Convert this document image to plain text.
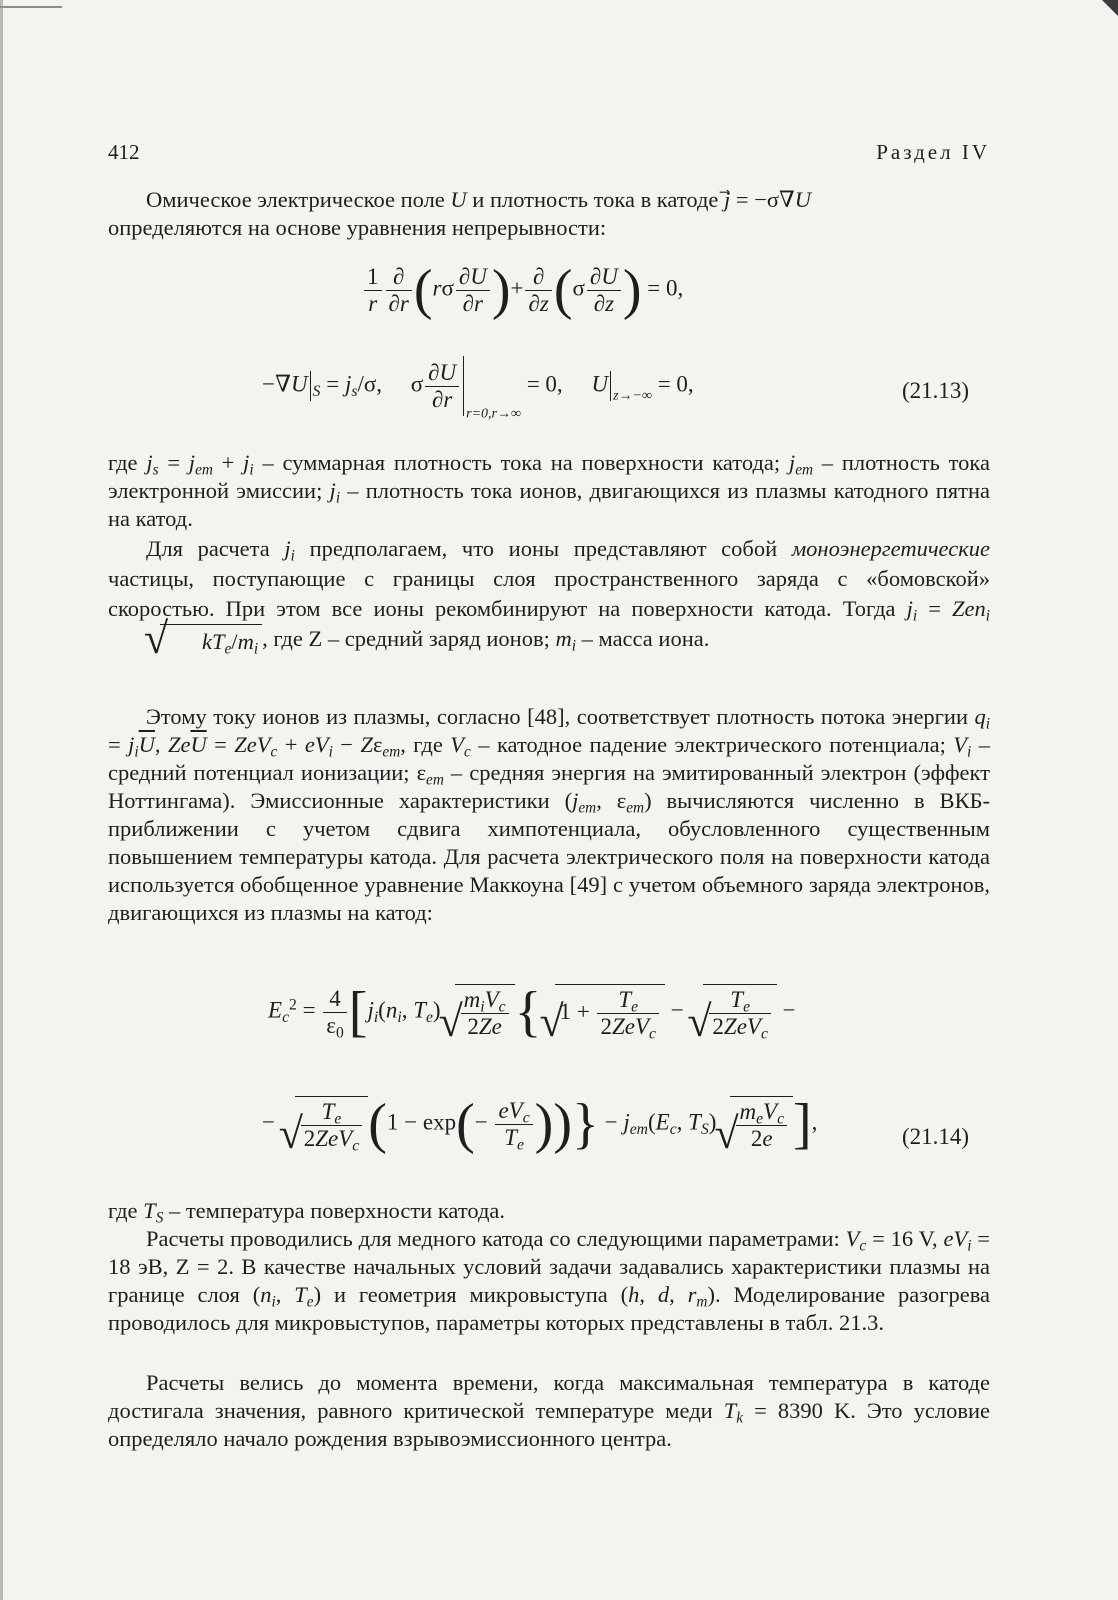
412	Раздел IV

Омическое электрическое поле U и плотность тока в катоде j⃗ = −σ∇U

определяются на основе уравнения непрерывности:

$\frac{1}{r} \frac{\partial}{\partial r} (r\sigma \frac{\partial U}{\partial r}$ )+ $\frac{\partial}{\partial z} (\sigma \frac{\partial U}{\partial z}$ ) = 0,
−∇U $_S = j_s/\sigma$,     σ $\frac{\partial U}{\partial r}$
$_{r=0,r\to\infty}$ = 0,     U $_{z\to-\infty}$ = 0,	(21.13)

где $j_s = j_{em} + j_i$ – суммарная плотность тока на поверхности катода; $j_{em}$ – плотность тока электронной эмиссии; $j_i$ – плотность тока ионов, двигающихся из плазмы катодного пятна на катод.

Для расчета $j_i$ предполагаем, что ионы представляют собой моноэнергетические частицы, поступающие с границы слоя пространственного заряда с «бомовской» скоростью. При этом все ионы рекомбинируют на поверхности катода. Тогда $j_i = Zen_i√$ $kT_e/m_i$ , где Z – средний заряд ионов; $m_i$ – масса иона.

Этому току ионов из плазмы, согласно [48], соответствует плотность потока энергии $q_i = j_i\overline{U}$, $Ze\overline{U} = ZeV_c + eV_i - Z\varepsilon_{em}$, где $V_c$ – катодное падение электрического потенциала; $V_i$ – средний потенциал ионизации; $\varepsilon_{em}$ – средняя энергия на эмитированный электрон (эффект Ноттингама). Эмиссионные характеристики ($j_{em}$, $\varepsilon_{em}$) вычисляются численно в ВКБ-приближении с учетом сдвига химпотенциала, обусловленного существенным повышением температуры катода. Для расчета электрического поля на поверхности катода используется обобщенное уравнение Маккоуна [49] с учетом объемного заряда электронов, двигающихся из плазмы на катод:

$E_c^2 = \frac{4}{\varepsilon_0} [j_i(n_i$, $T_e$) √ $\frac{m_iV_c}{2Ze}$ { √ $1 + \frac{T_e}{2ZeV_c}$ − √ $\frac{T_e}{2ZeV_c}$ −
− √ $\frac{T_e}{2ZeV_c} (1 - \exp(- \frac{eV_c}{T_e}$ ))} − $j_{em}(E_c$, $T_S$) √ $\frac{m_eV_c}{2e}$ ],
(21.14)

где $T_S$ – температура поверхности катода.

Расчеты проводились для медного катода со следующими параметрами: $V_c = 16$ V, $eV_i = 18$ эВ, Z = 2. В качестве начальных условий задачи задавались характеристики плазмы на границе слоя ($n_i$, $T_e$) и геометрия микровыступа (h, d, $r_m$). Моделирование разогрева проводилось для микровыступов, параметры которых представлены в табл. 21.3.

Расчеты велись до момента времени, когда максимальная температура в катоде достигала значения, равного критической температуре меди $T_k = 8390$ K. Это условие определяло начало рождения взрывоэмиссионного центра.
